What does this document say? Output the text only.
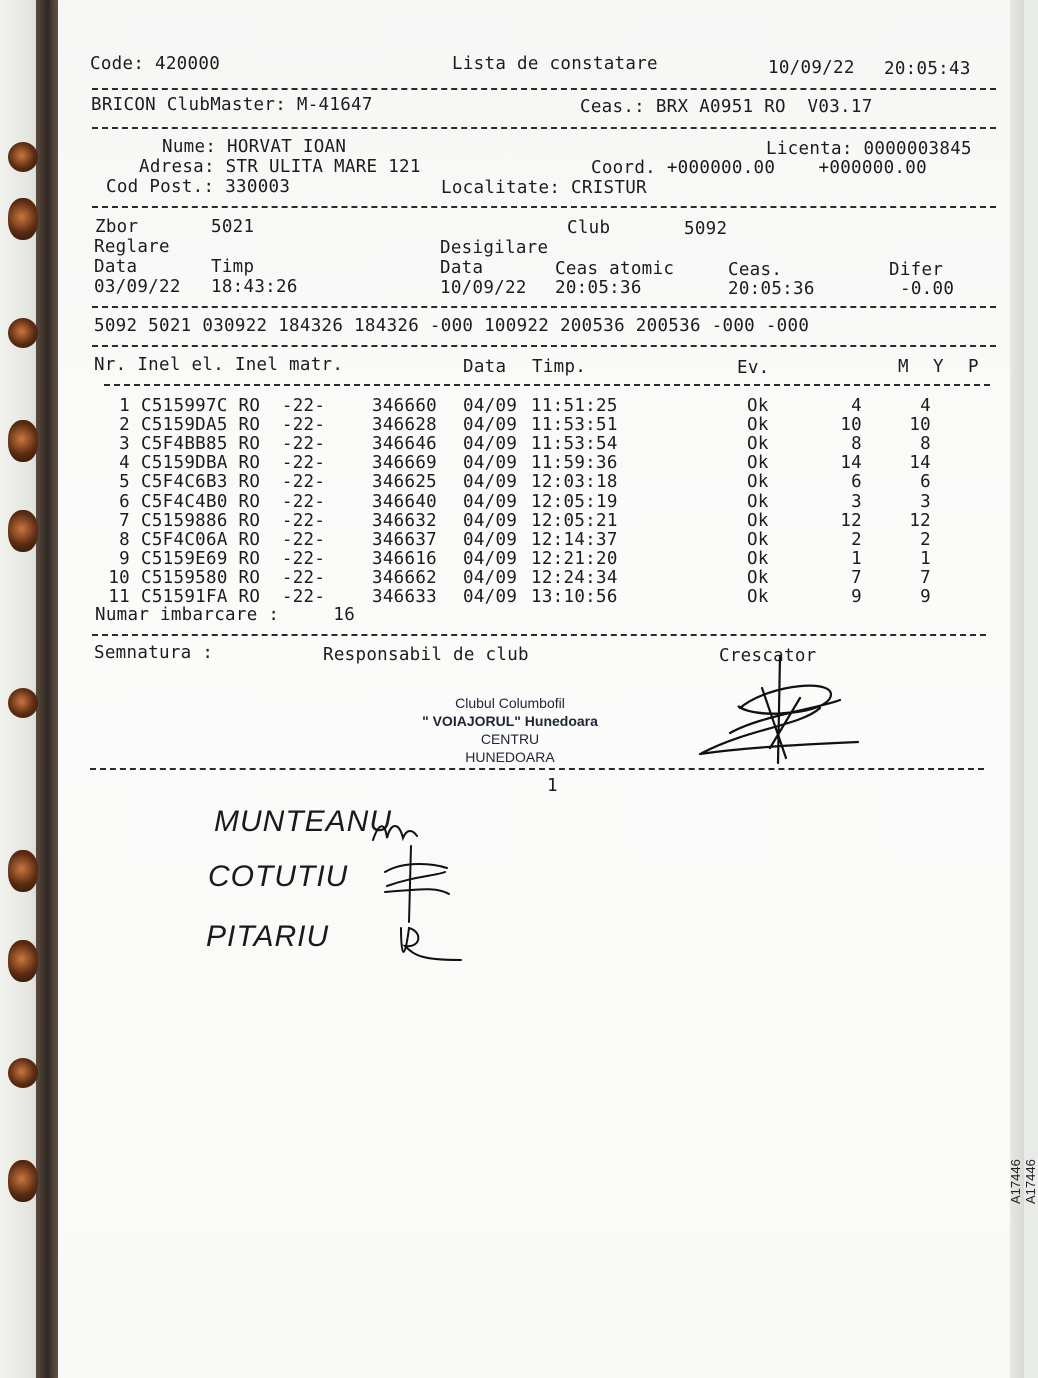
Code: 420000	Lista de constatare	10/09/22 20:05:43
BRICON ClubMaster: M-41647	Ceas.: BRX A0951 RO  V03.17
Nume: HORVAT IOAN	Licenta: 0000003845
Adresa: STR ULITA MARE 121	Coord. +000000.00    +000000.00
Cod Post.: 330003	Localitate: CRISTUR
Zbor	5021	Club	5092
Reglare	Desigilare
Data	Timp	Data	Ceas atomic	Ceas.	Difer
03/09/22 18:43:26	10/09/22 20:05:36	20:05:36	-0.00
5092 5021 030922 184326 184326 -000 100922 200536 200536 -000 -000
Nr. Inel el. Inel matr.	Data Timp.	Ev.	M Y P
1 C515997C RO  -22-	346660 04/09 11:51:25	Ok	4	4
2 C5159DA5 RO  -22-	346628 04/09 11:53:51	Ok	10	10
3 C5F4BB85 RO  -22-	346646 04/09 11:53:54	Ok	8	8
4 C5159DBA RO  -22-	346669 04/09 11:59:36	Ok	14	14
5 C5F4C6B3 RO  -22-	346625 04/09 12:03:18	Ok	6	6
6 C5F4C4B0 RO  -22-	346640 04/09 12:05:19	Ok	3	3
7 C5159886 RO  -22-	346632 04/09 12:05:21	Ok	12	12
8 C5F4C06A RO  -22-	346637 04/09 12:14:37	Ok	2	2
9 C5159E69 RO  -22-	346616 04/09 12:21:20	Ok	1	1
10 C5159580 RO  -22-	346662 04/09 12:24:34	Ok	7	7
11 C51591FA RO  -22-	346633 04/09 13:10:56	Ok	9	9
Numar imbarcare :     16
Semnatura :	Responsabil de club	Crescator
Clubul Columbofil
" VOIAJORUL" Hunedoara
CENTRU
HUNEDOARA
1
MUNTEANU
COTUTIU
PITARIU
A17446 A17446
